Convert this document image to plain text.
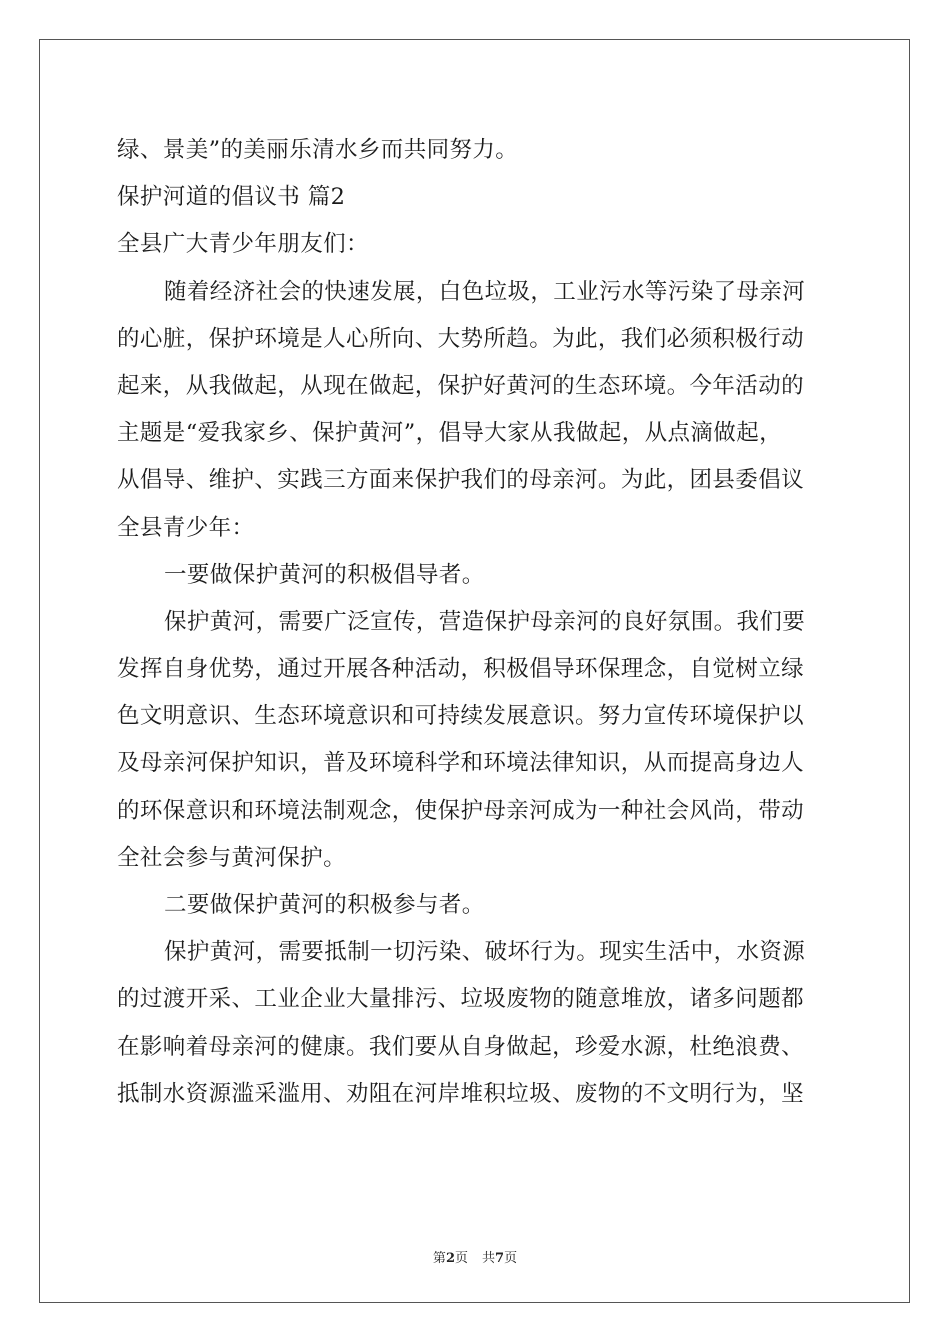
绿、景美”的美丽乐清水乡而共同努力。
保护河道的倡议书 篇2
全县广大青少年朋友们：
随着经济社会的快速发展，白色垃圾，工业污水等污染了母亲河
的心脏，保护环境是人心所向、大势所趋。为此，我们必须积极行动
起来，从我做起，从现在做起，保护好黄河的生态环境。今年活动的
主题是“爱我家乡、保护黄河”，倡导大家从我做起，从点滴做起，
从倡导、维护、实践三方面来保护我们的母亲河。为此，团县委倡议
全县青少年：
一要做保护黄河的积极倡导者。
保护黄河，需要广泛宣传，营造保护母亲河的良好氛围。我们要
发挥自身优势，通过开展各种活动，积极倡导环保理念，自觉树立绿
色文明意识、生态环境意识和可持续发展意识。努力宣传环境保护以
及母亲河保护知识，普及环境科学和环境法律知识，从而提高身边人
的环保意识和环境法制观念，使保护母亲河成为一种社会风尚，带动
全社会参与黄河保护。
二要做保护黄河的积极参与者。
保护黄河，需要抵制一切污染、破坏行为。现实生活中，水资源
的过渡开采、工业企业大量排污、垃圾废物的随意堆放，诸多问题都
在影响着母亲河的健康。我们要从自身做起，珍爱水源，杜绝浪费、
抵制水资源滥采滥用、劝阻在河岸堆积垃圾、废物的不文明行为，坚
第2页 共7页
